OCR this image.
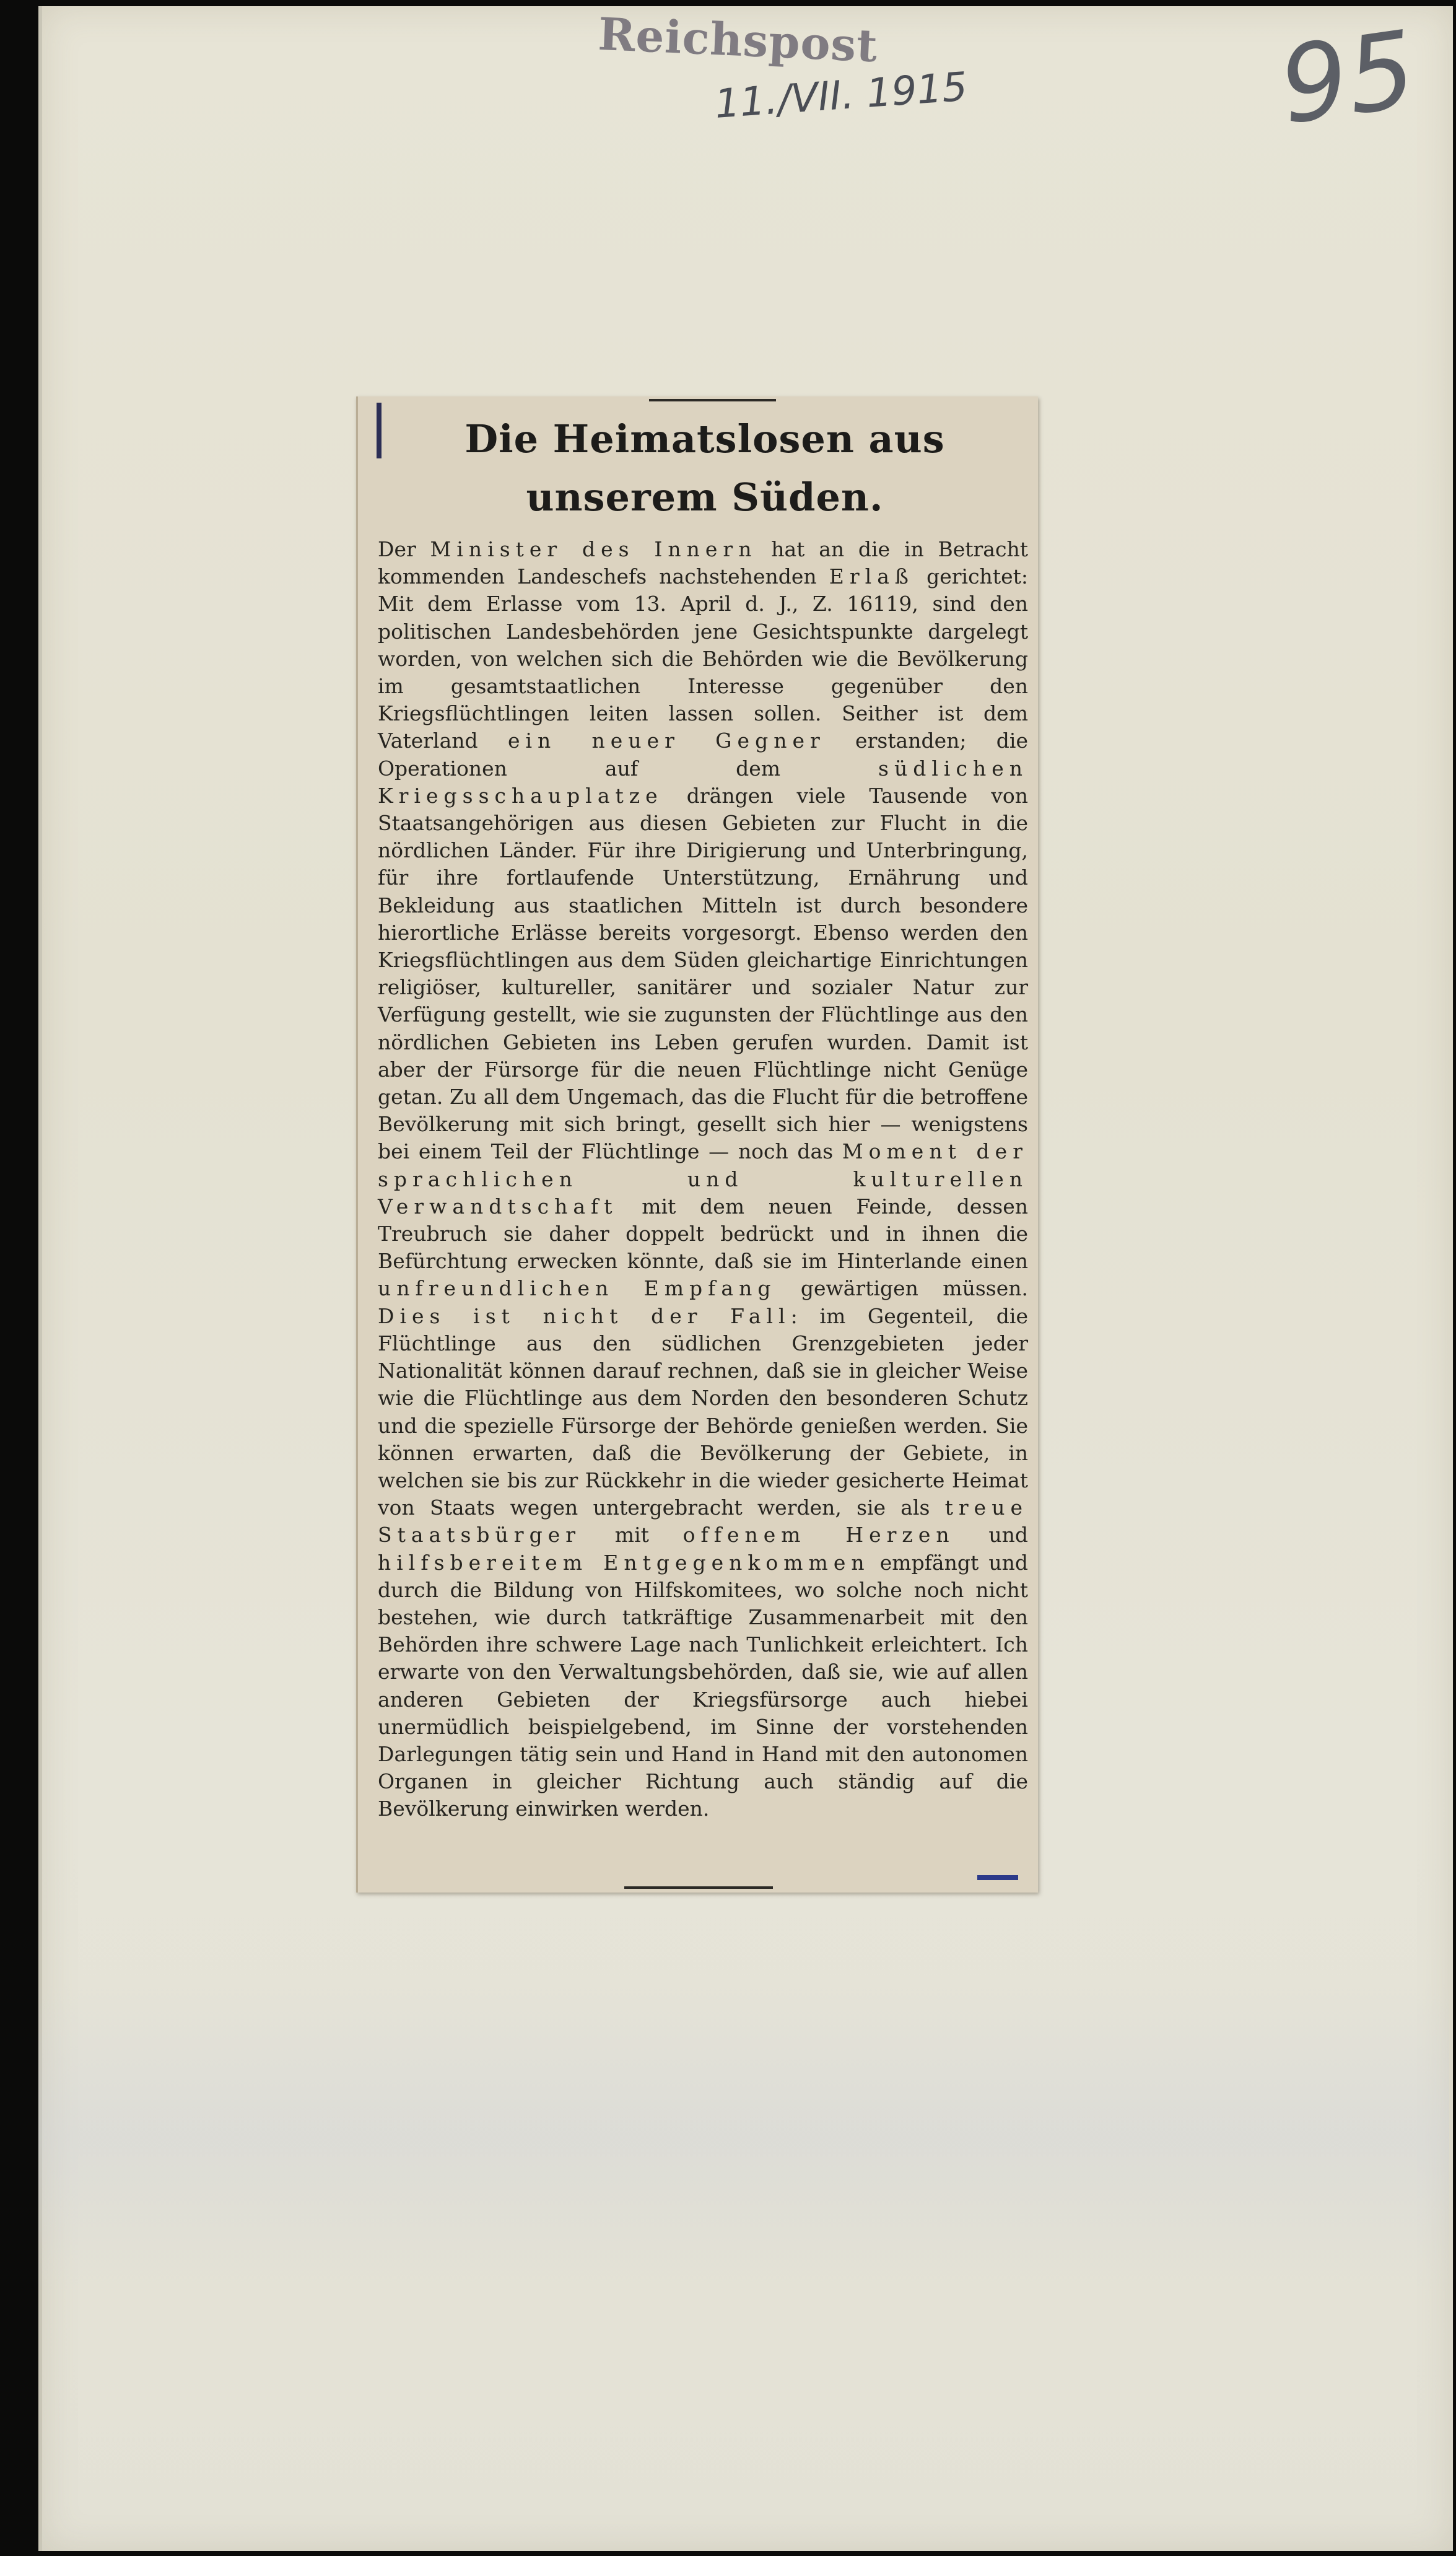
Reichspost
11./VII. 1915	95
Die Heimatslosen aus unserem Süden.

Der Minister des Innern hat an die in Betracht kommenden Landeschefs nachstehenden Erlaß gerichtet: Mit dem Erlasse vom 13. April d. J., Z. 16119, sind den politischen Landesbehörden jene Gesichtspunkte dargelegt worden, von welchen sich die Behörden wie die Bevölkerung im gesamtstaatlichen Interesse gegenüber den Kriegsflüchtlingen leiten lassen sollen. Seither ist dem Vaterland ein neuer Gegner erstanden; die Operationen auf dem südlichen Kriegsschauplatze drängen viele Tausende von Staatsangehörigen aus diesen Gebieten zur Flucht in die nördlichen Länder. Für ihre Dirigierung und Unterbringung, für ihre fortlaufende Unterstützung, Ernährung und Bekleidung aus staatlichen Mitteln ist durch besondere hierortliche Erlässe bereits vorgesorgt. Ebenso werden den Kriegsflüchtlingen aus dem Süden gleichartige Einrichtungen religiöser, kultureller, sanitärer und sozialer Natur zur Verfügung gestellt, wie sie zugunsten der Flüchtlinge aus den nördlichen Gebieten ins Leben gerufen wurden. Damit ist aber der Fürsorge für die neuen Flüchtlinge nicht Genüge getan. Zu all dem Ungemach, das die Flucht für die betroffene Bevölkerung mit sich bringt, gesellt sich hier — wenigstens bei einem Teil der Flüchtlinge — noch das Moment der sprachlichen und kulturellen Verwandtschaft mit dem neuen Feinde, dessen Treubruch sie daher doppelt bedrückt und in ihnen die Befürchtung erwecken könnte, daß sie im Hinterlande einen unfreundlichen Empfang gewärtigen müssen. Dies ist nicht der Fall: im Gegenteil, die Flüchtlinge aus den südlichen Grenzgebieten jeder Nationalität können darauf rechnen, daß sie in gleicher Weise wie die Flüchtlinge aus dem Norden den besonderen Schutz und die spezielle Fürsorge der Behörde genießen werden. Sie können erwarten, daß die Bevölkerung der Gebiete, in welchen sie bis zur Rückkehr in die wieder gesicherte Heimat von Staats wegen untergebracht werden, sie als treue Staatsbürger mit offenem Herzen und hilfsbereitem Entgegenkommen empfängt und durch die Bildung von Hilfskomitees, wo solche noch nicht bestehen, wie durch tatkräftige Zusammenarbeit mit den Behörden ihre schwere Lage nach Tunlichkeit erleichtert. Ich erwarte von den Verwaltungsbehörden, daß sie, wie auf allen anderen Gebieten der Kriegsfürsorge auch hiebei unermüdlich beispielgebend, im Sinne der vorstehenden Darlegungen tätig sein und Hand in Hand mit den autonomen Organen in gleicher Richtung auch ständig auf die Bevölkerung einwirken werden.
